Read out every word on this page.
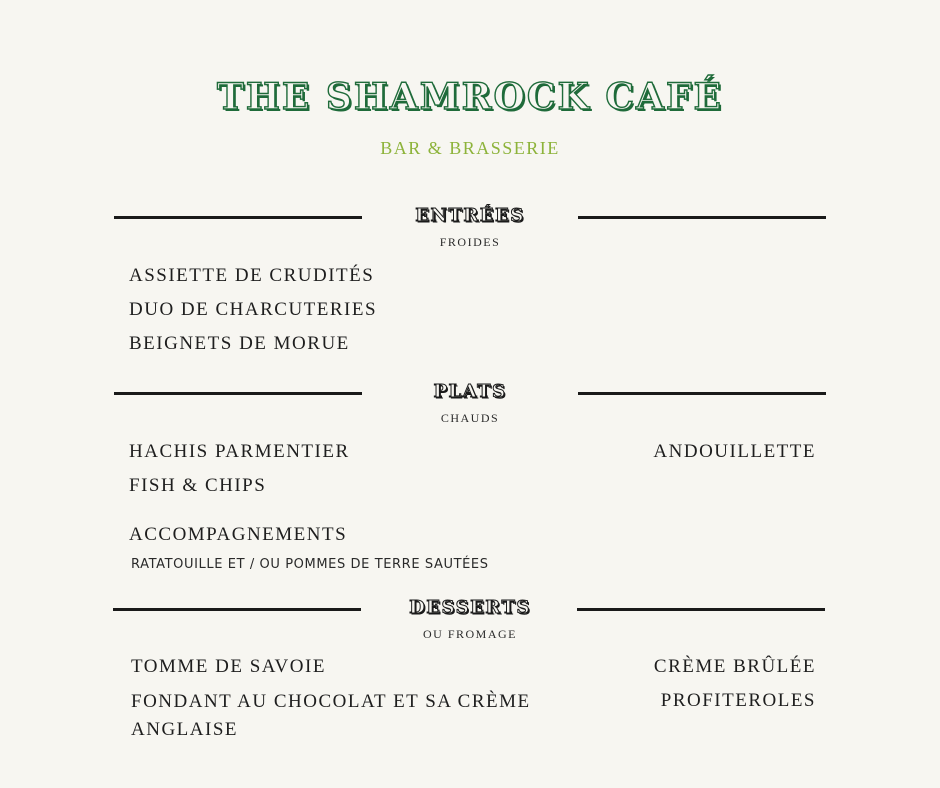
THE SHAMROCK CAFÉ
BAR & BRASSERIE
ENTRÉES
FROIDES
ASSIETTE DE CRUDITÉS
DUO DE CHARCUTERIES
BEIGNETS DE MORUE
PLATS
CHAUDS
HACHIS PARMENTIER
FISH & CHIPS
ANDOUILLETTE
ACCOMPAGNEMENTS
RATATOUILLE ET / OU POMMES DE TERRE SAUTÉES
DESSERTS
OU FROMAGE
TOMME DE SAVOIE
FONDANT AU CHOCOLAT ET SA CRÈME ANGLAISE
CRÈME BRÛLÉE
PROFITEROLES
